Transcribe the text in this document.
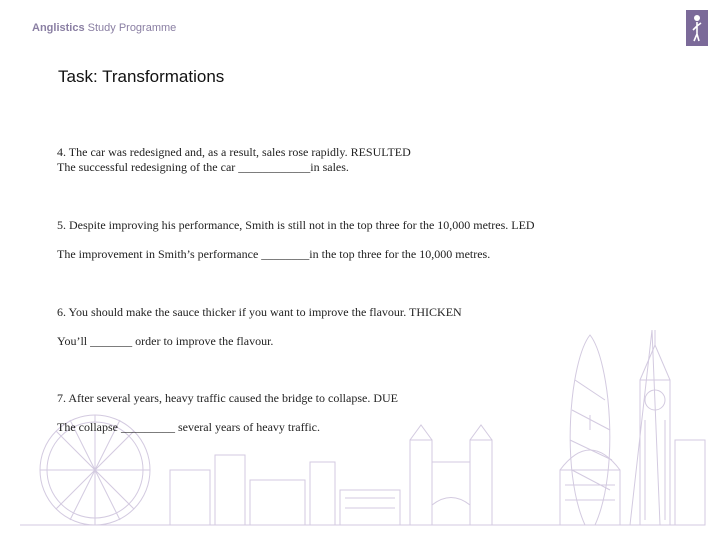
Anglistics Study Programme
Task: Transformations
4. The car was redesigned and, as a result, sales rose rapidly. RESULTED
The successful redesigning of the car ____________in sales.
5. Despite improving his performance, Smith is still not in the top three for the 10,000 metres. LED
The improvement in Smith’s performance ________in the top three for the 10,000 metres.
6. You should make the sauce thicker if you want to improve the flavour. THICKEN
You’ll _______ order to improve the flavour.
7. After several years, heavy traffic caused the bridge to collapse. DUE
The collapse _________ several years of heavy traffic.
